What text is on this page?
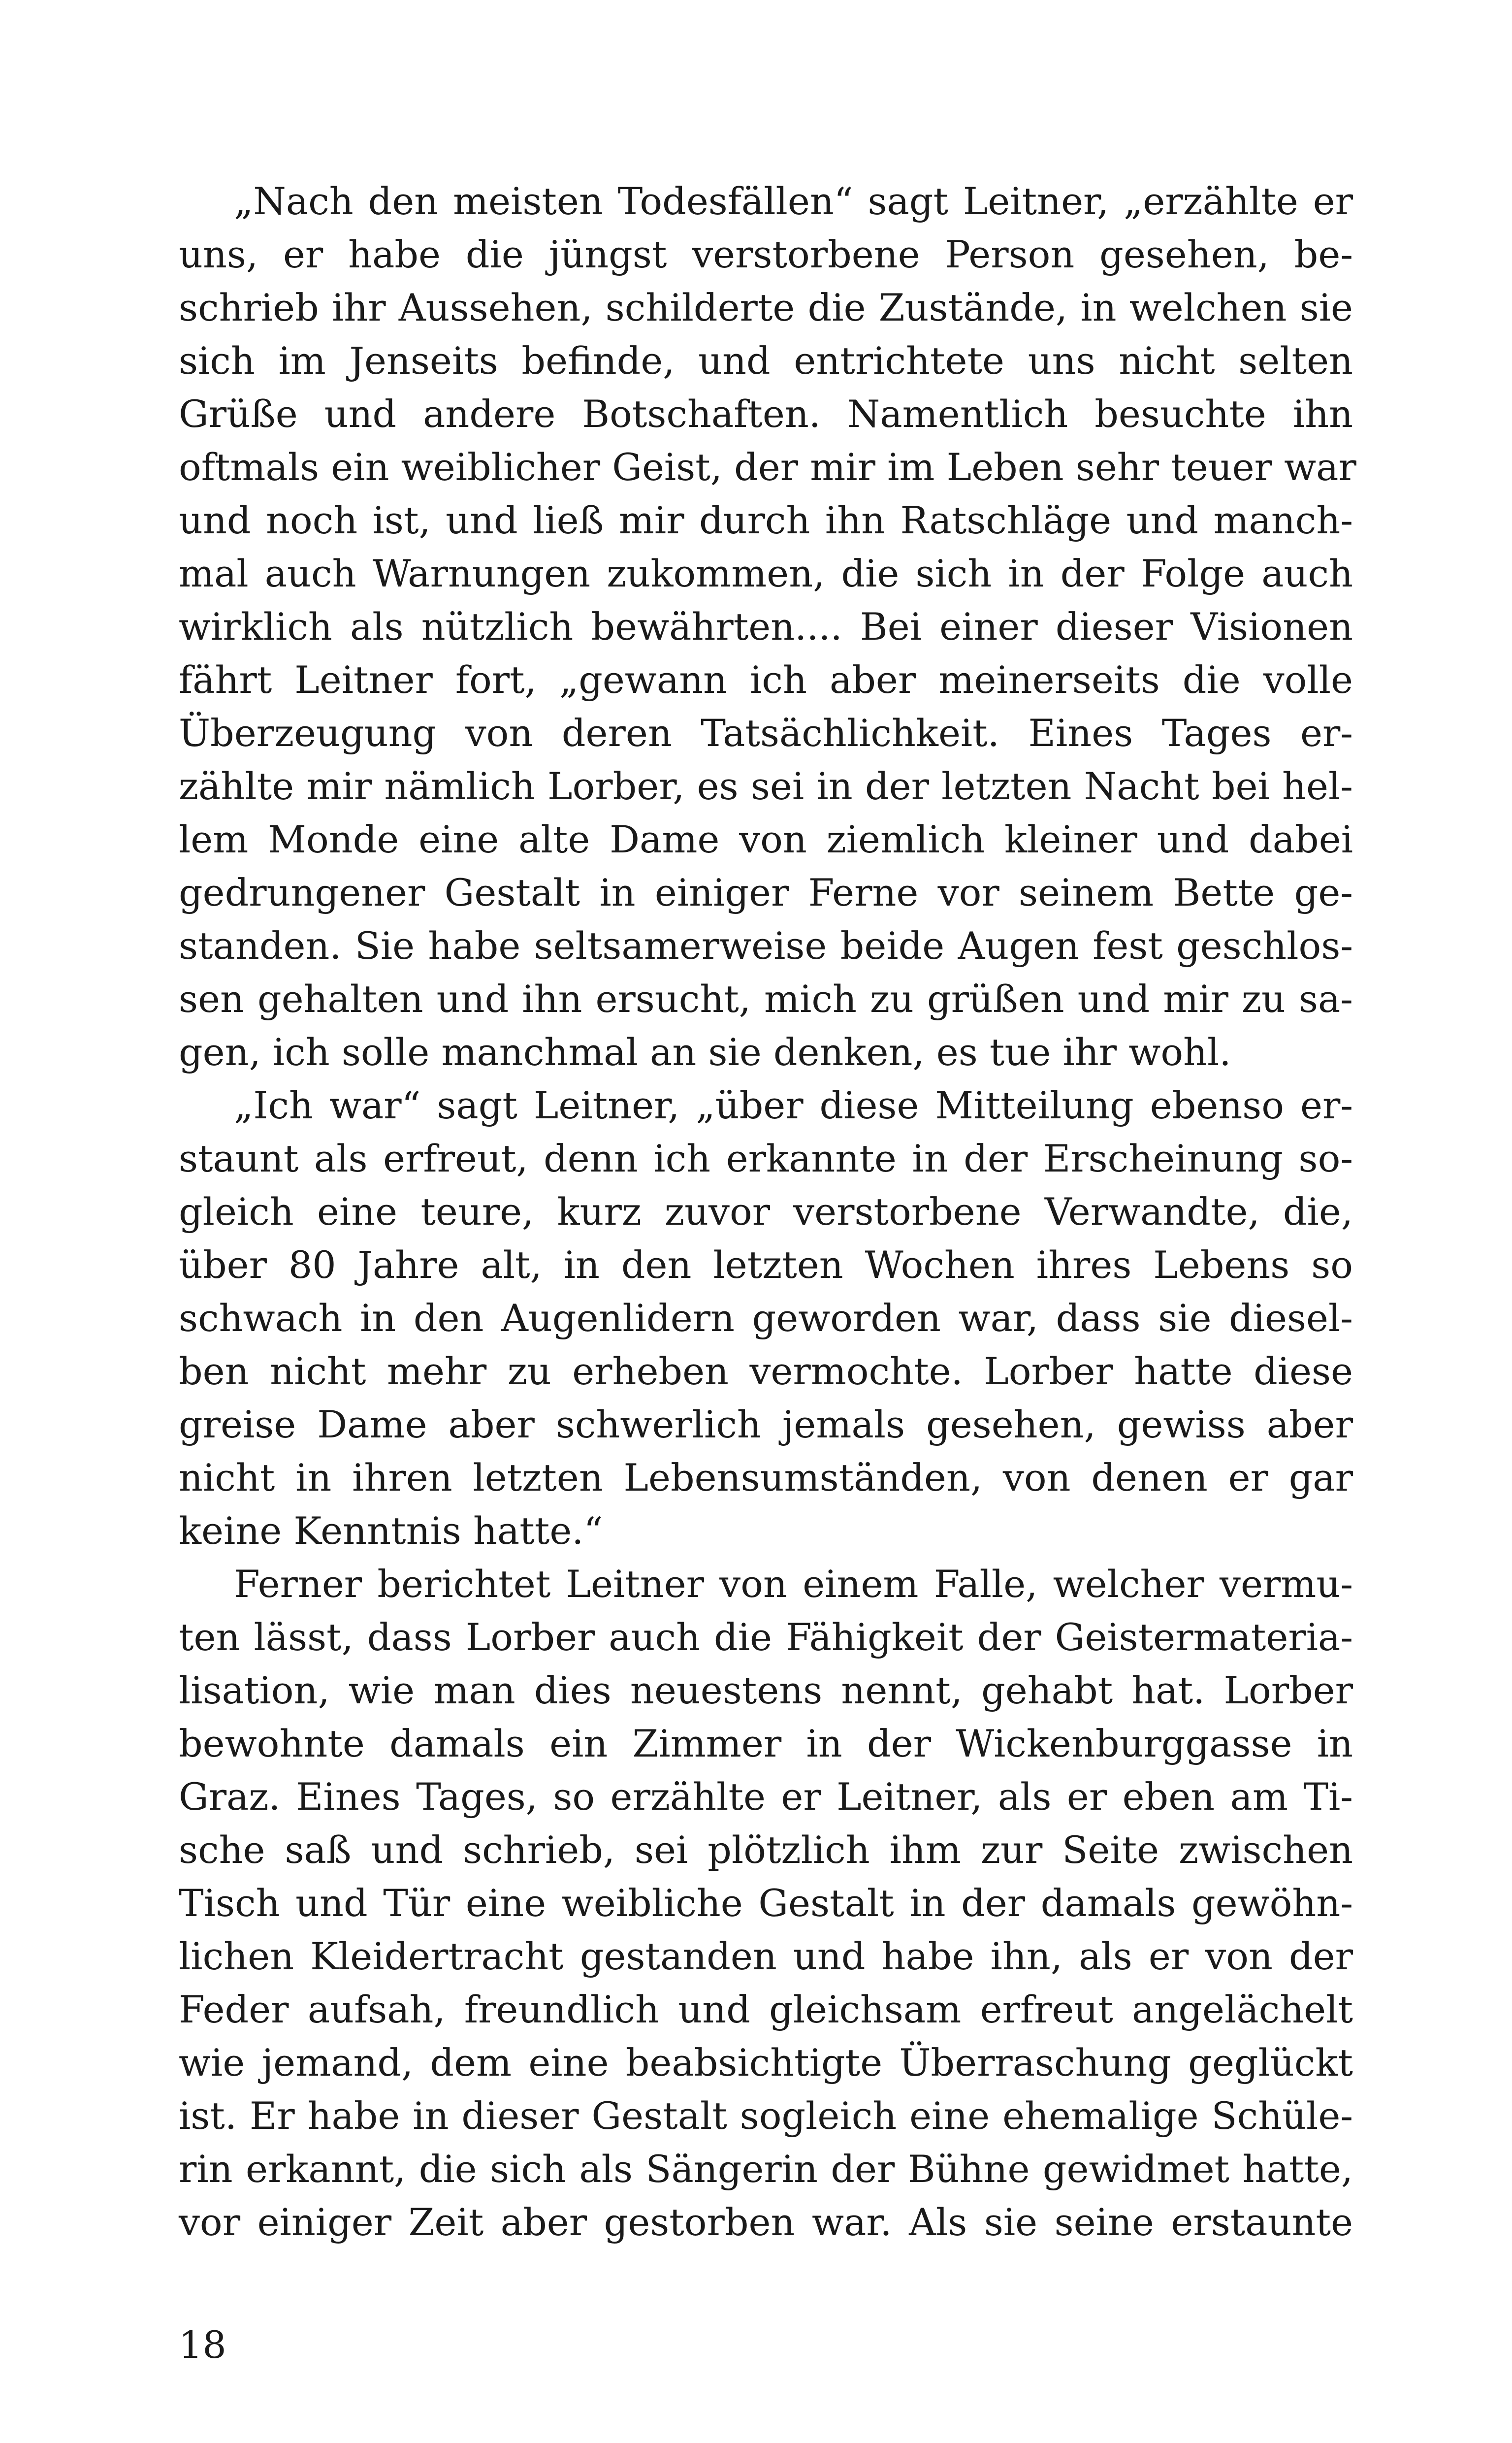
„Nach den meisten Todesfällen“ sagt Leitner, „erzählte er
uns, er habe die jüngst verstorbene Person gesehen, be-
schrieb ihr Aussehen, schilderte die Zustände, in welchen sie
sich im Jenseits befinde, und entrichtete uns nicht selten
Grüße und andere Botschaften. Namentlich besuchte ihn
oftmals ein weiblicher Geist, der mir im Leben sehr teuer war
und noch ist, und ließ mir durch ihn Ratschläge und manch-
mal auch Warnungen zukommen, die sich in der Folge auch
wirklich als nützlich bewährten.... Bei einer dieser Visionen
fährt Leitner fort, „gewann ich aber meinerseits die volle
Überzeugung von deren Tatsächlichkeit. Eines Tages er-
zählte mir nämlich Lorber, es sei in der letzten Nacht bei hel-
lem Monde eine alte Dame von ziemlich kleiner und dabei
gedrungener Gestalt in einiger Ferne vor seinem Bette ge-
standen. Sie habe seltsamerweise beide Augen fest geschlos-
sen gehalten und ihn ersucht, mich zu grüßen und mir zu sa-
gen, ich solle manchmal an sie denken, es tue ihr wohl.
„Ich war“ sagt Leitner, „über diese Mitteilung ebenso er-
staunt als erfreut, denn ich erkannte in der Erscheinung so-
gleich eine teure, kurz zuvor verstorbene Verwandte, die,
über 80 Jahre alt, in den letzten Wochen ihres Lebens so
schwach in den Augenlidern geworden war, dass sie diesel-
ben nicht mehr zu erheben vermochte. Lorber hatte diese
greise Dame aber schwerlich jemals gesehen, gewiss aber
nicht in ihren letzten Lebensumständen, von denen er gar
keine Kenntnis hatte.“
Ferner berichtet Leitner von einem Falle, welcher vermu-
ten lässt, dass Lorber auch die Fähigkeit der Geistermateria-
lisation, wie man dies neuestens nennt, gehabt hat. Lorber
bewohnte damals ein Zimmer in der Wickenburggasse in
Graz. Eines Tages, so erzählte er Leitner, als er eben am Ti-
sche saß und schrieb, sei plötzlich ihm zur Seite zwischen
Tisch und Tür eine weibliche Gestalt in der damals gewöhn-
lichen Kleidertracht gestanden und habe ihn, als er von der
Feder aufsah, freundlich und gleichsam erfreut angelächelt
wie jemand, dem eine beabsichtigte Überraschung geglückt
ist. Er habe in dieser Gestalt sogleich eine ehemalige Schüle-
rin erkannt, die sich als Sängerin der Bühne gewidmet hatte,
vor einiger Zeit aber gestorben war. Als sie seine erstaunte
18
